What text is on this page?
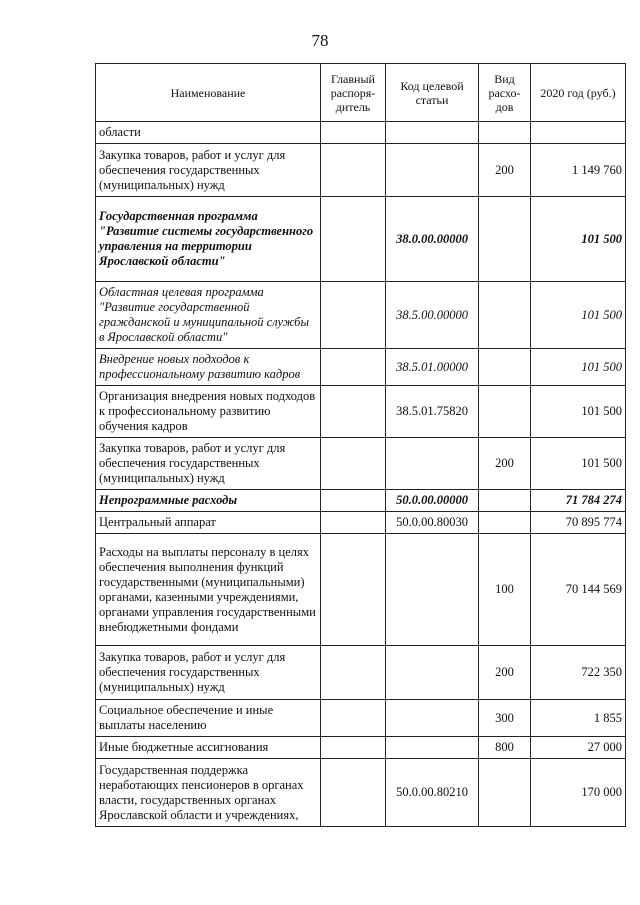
78
Наименование	Главный распоря-дитель	Код целевой статьи	Вид расхо-дов	2020 год (руб.)
области				
Закупка товаров, работ и услуг для обеспечения государственных (муниципальных) нужд			200	1 149 760
Государственная программа "Развитие системы государственного управления на территории Ярославской области"		38.0.00.00000		101 500
Областная целевая программа "Развитие государственной гражданской и муниципальной службы в Ярославской области"		38.5.00.00000		101 500
Внедрение новых подходов к профессиональному развитию кадров		38.5.01.00000		101 500
Организация внедрения новых подходов к профессиональному развитию обучения кадров		38.5.01.75820		101 500
Закупка товаров, работ и услуг для обеспечения государственных (муниципальных) нужд			200	101 500
Непрограммные расходы		50.0.00.00000		71 784 274
Центральный аппарат		50.0.00.80030		70 895 774
Расходы на выплаты персоналу в целях обеспечения выполнения функций государственными (муниципальными) органами, казенными учреждениями, органами управления государственными внебюджетными фондами			100	70 144 569
Закупка товаров, работ и услуг для обеспечения государственных (муниципальных) нужд			200	722 350
Социальное обеспечение и иные выплаты населению			300	1 855
Иные бюджетные ассигнования			800	27 000
Государственная поддержка неработающих пенсионеров в органах власти, государственных органах Ярославской области и учреждениях,		50.0.00.80210		170 000
